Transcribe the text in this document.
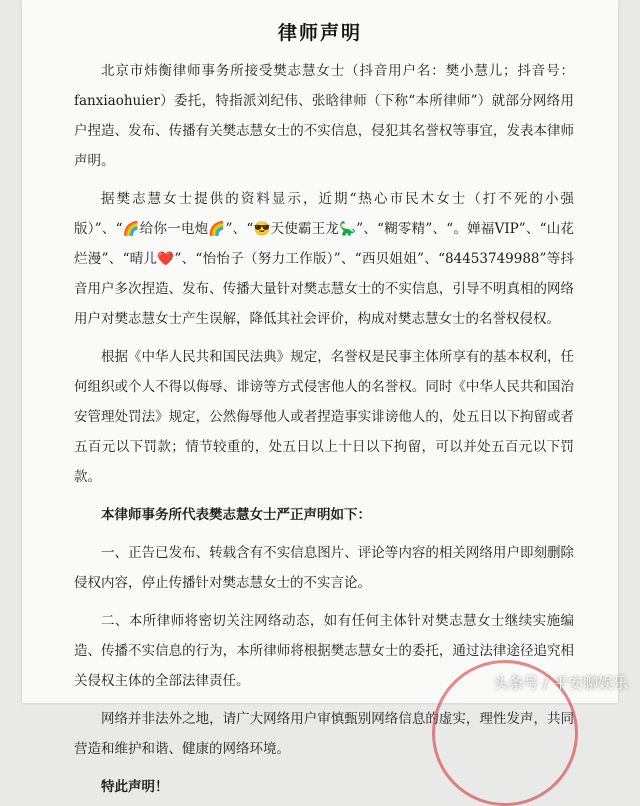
律师声明

北京市炜衡律师事务所接受樊志慧女士（抖音用户名：樊小慧儿；抖音号：fanxiaohuier）委托，特指派刘纪伟、张晗律师（下称“本所律师”）就部分网络用户捏造、发布、传播有关樊志慧女士的不实信息，侵犯其名誉权等事宜，发表本律师声明。

据樊志慧女士提供的资料显示，近期“热心市民木女士（打不死的小强版）”、“🌈给你一电炮🌈”、“😎天使霸王龙🦕”、“糊零精”、“。婵福VIP”、“山花烂漫”、“晴儿❤️”、“怡怡子（努力工作版）”、“西贝姐姐”、“84453749988”等抖音用户多次捏造、发布、传播大量针对樊志慧女士的不实信息，引导不明真相的网络用户对樊志慧女士产生误解，降低其社会评价，构成对樊志慧女士的名誉权侵权。

根据《中华人民共和国民法典》规定，名誉权是民事主体所享有的基本权利，任何组织或个人不得以侮辱、诽谤等方式侵害他人的名誉权。同时《中华人民共和国治安管理处罚法》规定，公然侮辱他人或者捏造事实诽谤他人的，处五日以下拘留或者五百元以下罚款；情节较重的，处五日以上十日以下拘留，可以并处五百元以下罚款。

本律师事务所代表樊志慧女士严正声明如下：

一、正告已发布、转载含有不实信息图片、评论等内容的相关网络用户即刻删除侵权内容，停止传播针对樊志慧女士的不实言论。

二、本所律师将密切关注网络动态，如有任何主体针对樊志慧女士继续实施编造、传播不实信息的行为，本所律师将根据樊志慧女士的委托，通过法律途径追究相关侵权主体的全部法律责任。

网络并非法外之地，请广大网络用户审慎甄别网络信息的虚实，理性发声，共同营造和维护和谐、健康的网络环境。

特此声明！

头条号 / 平安聊娱乐
